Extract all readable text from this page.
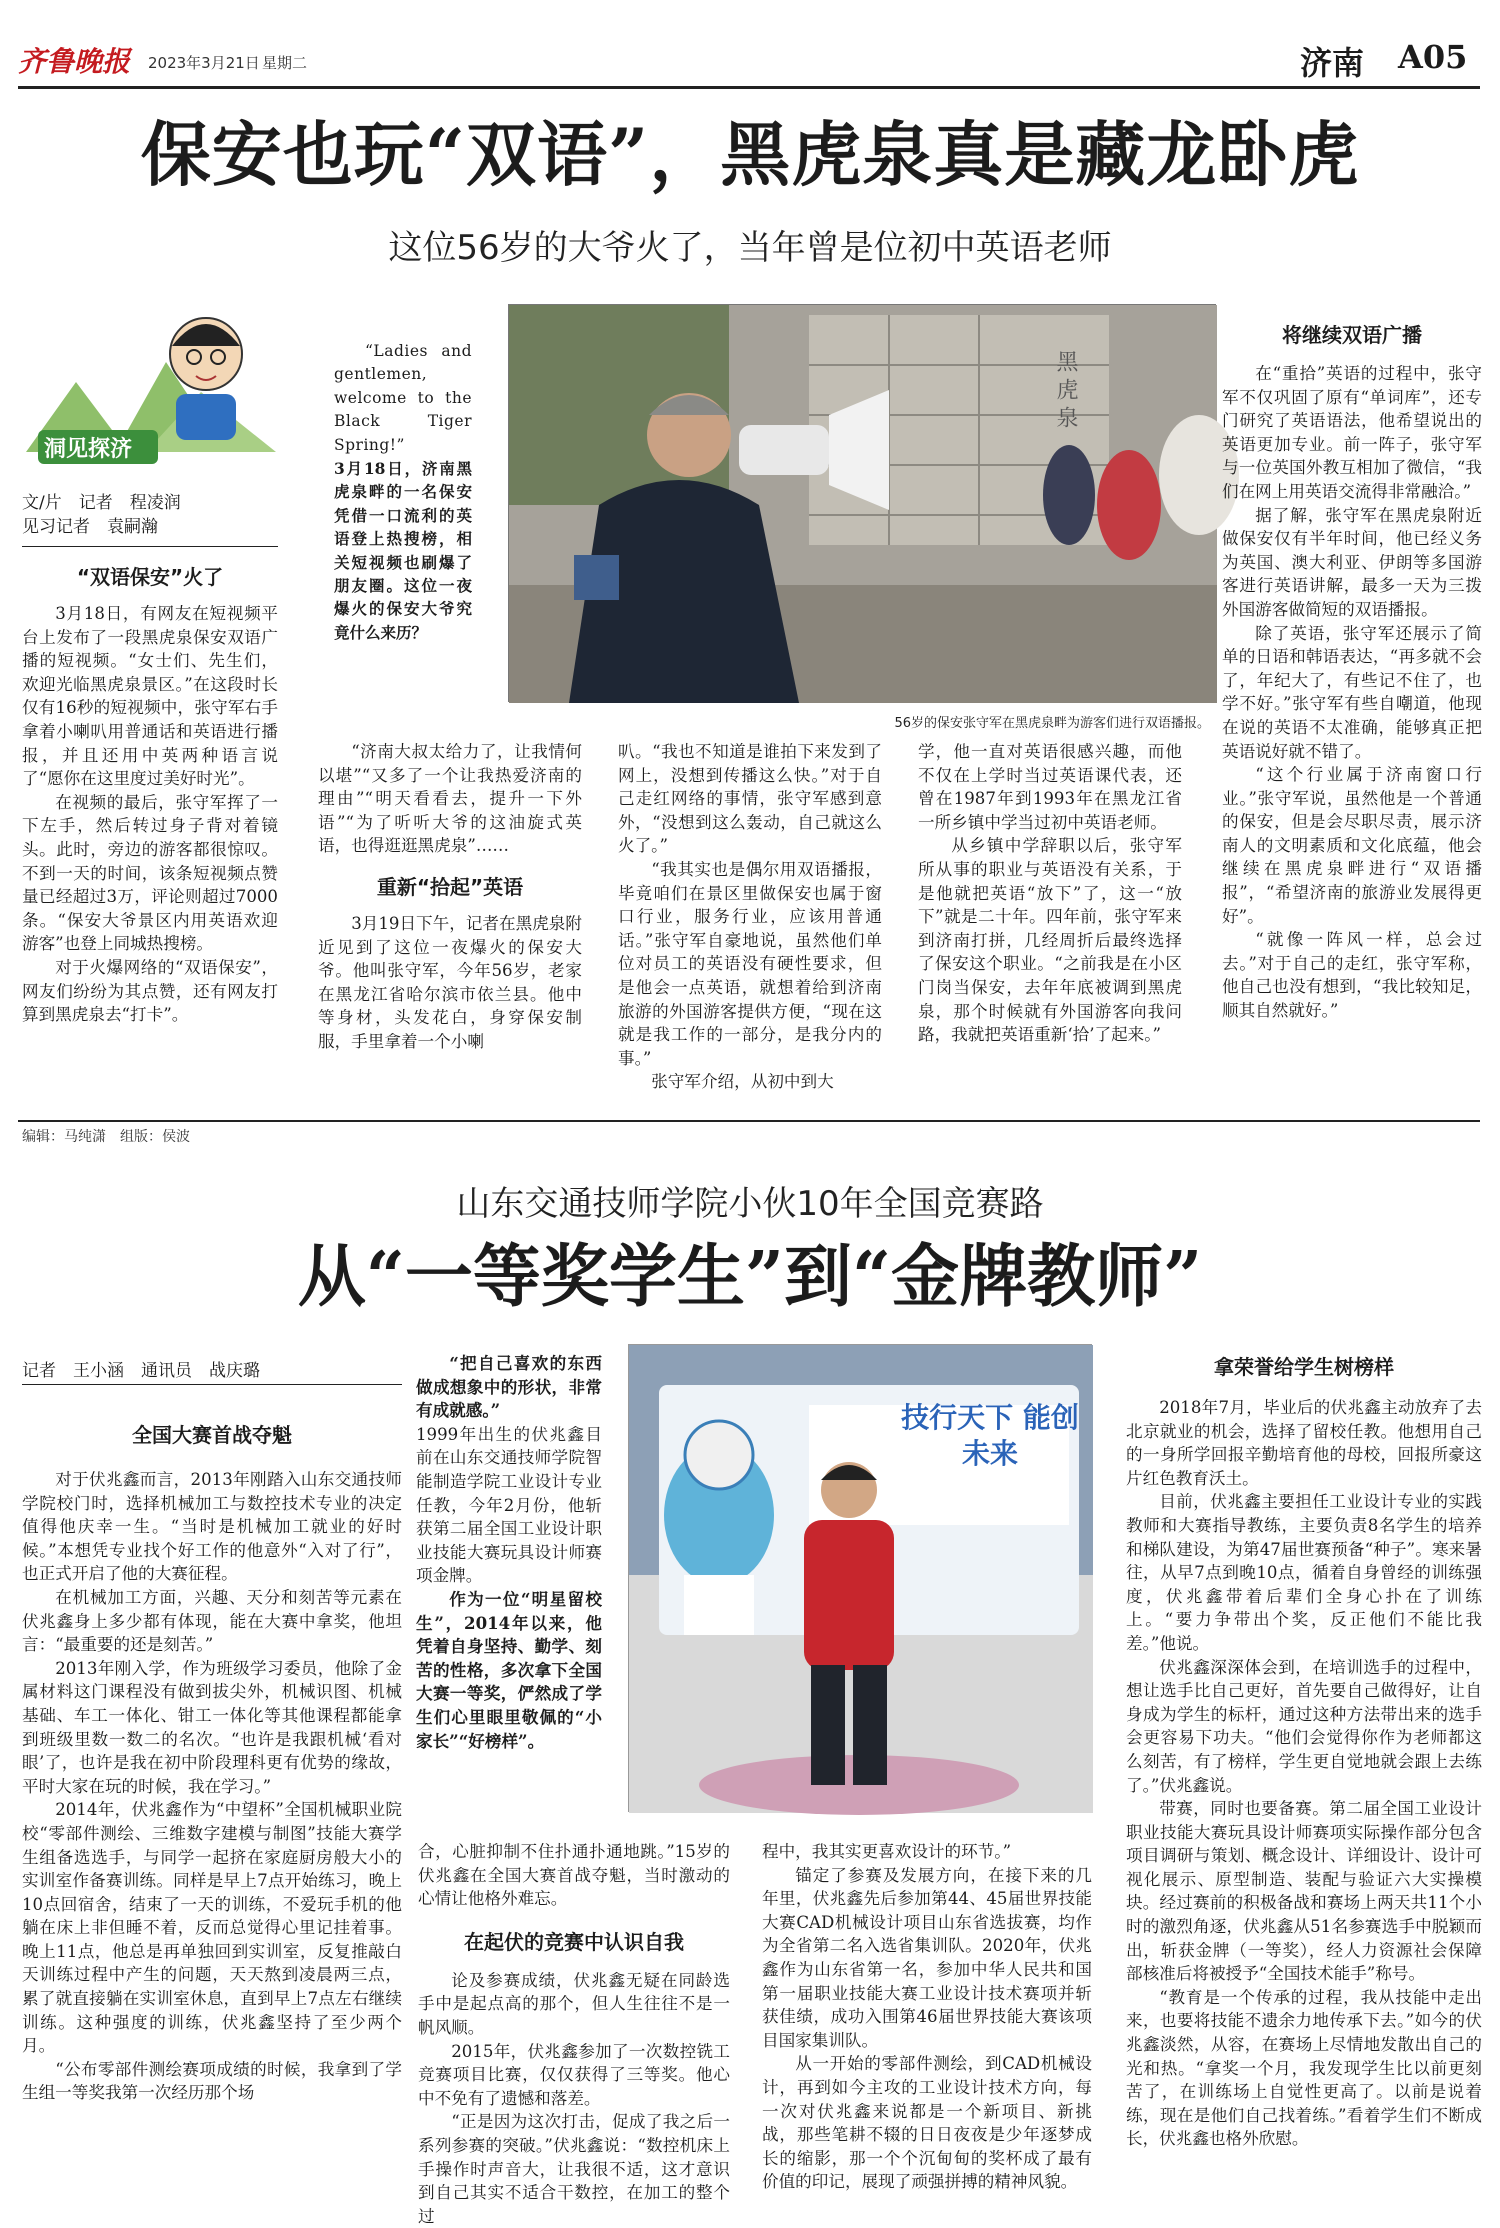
齐鲁晚报 2023年3月21日 星期二	济南 A05
保安也玩“双语”，黑虎泉真是藏龙卧虎
这位56岁的大爷火了，当年曾是位初中英语老师
洞见探济
文/片　记者　程凌润
见习记者　袁嗣瀚
“双语保安”火了

3月18日，有网友在短视频平台上发布了一段黑虎泉保安双语广播的短视频。“女士们、先生们，欢迎光临黑虎泉景区。”在这段时长仅有16秒的短视频中，张守军右手拿着小喇叭用普通话和英语进行播报，并且还用中英两种语言说了“愿你在这里度过美好时光”。

在视频的最后，张守军挥了一下左手，然后转过身子背对着镜头。此时，旁边的游客都很惊叹。不到一天的时间，该条短视频点赞量已经超过3万，评论则超过7000条。“保安大爷景区内用英语欢迎游客”也登上同城热搜榜。

对于火爆网络的“双语保安”，网友们纷纷为其点赞，还有网友打算到黑虎泉去“打卡”。

“Ladies and gentlemen, welcome to the Black Tiger Spring!”

3月18日，济南黑虎泉畔的一名保安凭借一口流利的英语登上热搜榜，相关短视频也刷爆了朋友圈。这位一夜爆火的保安大爷究竟什么来历？

黑虎泉
56岁的保安张守军在黑虎泉畔为游客们进行双语播报。

“济南大叔太给力了，让我情何以堪”“又多了一个让我热爱济南的理由”“明天看看去，提升一下外语”“为了听听大爷的这油旋式英语，也得逛逛黑虎泉”……

重新“拾起”英语

3月19日下午，记者在黑虎泉附近见到了这位一夜爆火的保安大爷。他叫张守军，今年56岁，老家在黑龙江省哈尔滨市依兰县。他中等身材，头发花白，身穿保安制服，手里拿着一个小喇

叭。“我也不知道是谁拍下来发到了网上，没想到传播这么快。”对于自己走红网络的事情，张守军感到意外，“没想到这么轰动，自己就这么火了。”

“我其实也是偶尔用双语播报，毕竟咱们在景区里做保安也属于窗口行业，服务行业，应该用普通话。”张守军自豪地说，虽然他们单位对员工的英语没有硬性要求，但是他会一点英语，就想着给到济南旅游的外国游客提供方便，“现在这就是我工作的一部分，是我分内的事。”

张守军介绍，从初中到大

学，他一直对英语很感兴趣，而他不仅在上学时当过英语课代表，还曾在1987年到1993年在黑龙江省一所乡镇中学当过初中英语老师。

从乡镇中学辞职以后，张守军所从事的职业与英语没有关系，于是他就把英语“放下”了，这一“放下”就是二十年。四年前，张守军来到济南打拼，几经周折后最终选择了保安这个职业。“之前我是在小区门岗当保安，去年年底被调到黑虎泉，那个时候就有外国游客向我问路，我就把英语重新‘拾’了起来。”

将继续双语广播

在“重拾”英语的过程中，张守军不仅巩固了原有“单词库”，还专门研究了英语语法，他希望说出的英语更加专业。前一阵子，张守军与一位英国外教互相加了微信，“我们在网上用英语交流得非常融洽。”

据了解，张守军在黑虎泉附近做保安仅有半年时间，他已经义务为英国、澳大利亚、伊朗等多国游客进行英语讲解，最多一天为三拨外国游客做简短的双语播报。

除了英语，张守军还展示了简单的日语和韩语表达，“再多就不会了，年纪大了，有些记不住了，也学不好。”张守军有些自嘲道，他现在说的英语不太准确，能够真正把英语说好就不错了。

“这个行业属于济南窗口行业。”张守军说，虽然他是一个普通的保安，但是会尽职尽责，展示济南人的文明素质和文化底蕴，他会继续在黑虎泉畔进行“双语播报”，“希望济南的旅游业发展得更好”。

“就像一阵风一样，总会过去。”对于自己的走红，张守军称，他自己也没有想到，“我比较知足，顺其自然就好。”

编辑：马纯潇　组版：侯波
山东交通技师学院小伙10年全国竞赛路
从“一等奖学生”到“金牌教师”
记者　王小涵　通讯员　战庆璐
全国大赛首战夺魁

对于伏兆鑫而言，2013年刚踏入山东交通技师学院校门时，选择机械加工与数控技术专业的决定值得他庆幸一生。“当时是机械加工就业的好时候。”本想凭专业找个好工作的他意外“入对了行”，也正式开启了他的大赛征程。

在机械加工方面，兴趣、天分和刻苦等元素在伏兆鑫身上多少都有体现，能在大赛中拿奖，他坦言：“最重要的还是刻苦。”

2013年刚入学，作为班级学习委员，他除了金属材料这门课程没有做到拔尖外，机械识图、机械基础、车工一体化、钳工一体化等其他课程都能拿到班级里数一数二的名次。“也许是我跟机械‘看对眼’了，也许是我在初中阶段理科更有优势的缘故，平时大家在玩的时候，我在学习。”

2014年，伏兆鑫作为“中望杯”全国机械职业院校“零部件测绘、三维数字建模与制图”技能大赛学生组备选选手，与同学一起挤在家庭厨房般大小的实训室作备赛训练。同样是早上7点开始练习，晚上10点回宿舍，结束了一天的训练，不爱玩手机的他躺在床上非但睡不着，反而总觉得心里记挂着事。晚上11点，他总是再单独回到实训室，反复推敲白天训练过程中产生的问题，天天熬到凌晨两三点，累了就直接躺在实训室休息，直到早上7点左右继续训练。这种强度的训练，伏兆鑫坚持了至少两个月。

“公布零部件测绘赛项成绩的时候，我拿到了学生组一等奖我第一次经历那个场

“把自己喜欢的东西做成想象中的形状，非常有成就感。”

1999年出生的伏兆鑫目前在山东交通技师学院智能制造学院工业设计专业任教，今年2月份，他斩获第二届全国工业设计职业技能大赛玩具设计师赛项金牌。

作为一位“明星留校生”，2014年以来，他凭着自身坚持、勤学、刻苦的性格，多次拿下全国大赛一等奖，俨然成了学生们心里眼里敬佩的“小家长”“好榜样”。

技行天下 能创未来

合，心脏抑制不住扑通扑通地跳。”15岁的伏兆鑫在全国大赛首战夺魁，当时激动的心情让他格外难忘。

在起伏的竞赛中认识自我

论及参赛成绩，伏兆鑫无疑在同龄选手中是起点高的那个，但人生往往不是一帆风顺。

2015年，伏兆鑫参加了一次数控铣工竞赛项目比赛，仅仅获得了三等奖。他心中不免有了遗憾和落差。

“正是因为这次打击，促成了我之后一系列参赛的突破。”伏兆鑫说：“数控机床上手操作时声音大，让我很不适，这才意识到自己其实不适合干数控，在加工的整个过

程中，我其实更喜欢设计的环节。”

锚定了参赛及发展方向，在接下来的几年里，伏兆鑫先后参加第44、45届世界技能大赛CAD机械设计项目山东省选拔赛，均作为全省第二名入选省集训队。2020年，伏兆鑫作为山东省第一名，参加中华人民共和国第一届职业技能大赛工业设计技术赛项并斩获佳绩，成功入围第46届世界技能大赛该项目国家集训队。

从一开始的零部件测绘，到CAD机械设计，再到如今主攻的工业设计技术方向，每一次对伏兆鑫来说都是一个新项目、新挑战，那些笔耕不辍的日日夜夜是少年逐梦成长的缩影，那一个个沉甸甸的奖杯成了最有价值的印记，展现了顽强拼搏的精神风貌。

拿荣誉给学生树榜样

2018年7月，毕业后的伏兆鑫主动放弃了去北京就业的机会，选择了留校任教。他想用自己的一身所学回报辛勤培育他的母校，回报所豪这片红色教育沃土。

目前，伏兆鑫主要担任工业设计专业的实践教师和大赛指导教练，主要负责8名学生的培养和梯队建设，为第47届世赛预备“种子”。寒来暑往，从早7点到晚10点，循着自身曾经的训练强度，伏兆鑫带着后辈们全身心扑在了训练上。“要力争带出个奖，反正他们不能比我差。”他说。

伏兆鑫深深体会到，在培训选手的过程中，想让选手比自己更好，首先要自己做得好，让自身成为学生的标杆，通过这种方法带出来的选手会更容易下功夫。“他们会觉得你作为老师都这么刻苦，有了榜样，学生更自觉地就会跟上去练了。”伏兆鑫说。

带赛，同时也要备赛。第二届全国工业设计职业技能大赛玩具设计师赛项实际操作部分包含项目调研与策划、概念设计、详细设计、设计可视化展示、原型制造、装配与验证六大实操模块。经过赛前的积极备战和赛场上两天共11个小时的激烈角逐，伏兆鑫从51名参赛选手中脱颖而出，斩获金牌（一等奖），经人力资源社会保障部核准后将被授予“全国技术能手”称号。

“教育是一个传承的过程，我从技能中走出来，也要将技能不遗余力地传承下去。”如今的伏兆鑫淡然，从容，在赛场上尽情地发散出自己的光和热。“拿奖一个月，我发现学生比以前更刻苦了，在训练场上自觉性更高了。以前是说着练，现在是他们自己找着练。”看着学生们不断成长，伏兆鑫也格外欣慰。
